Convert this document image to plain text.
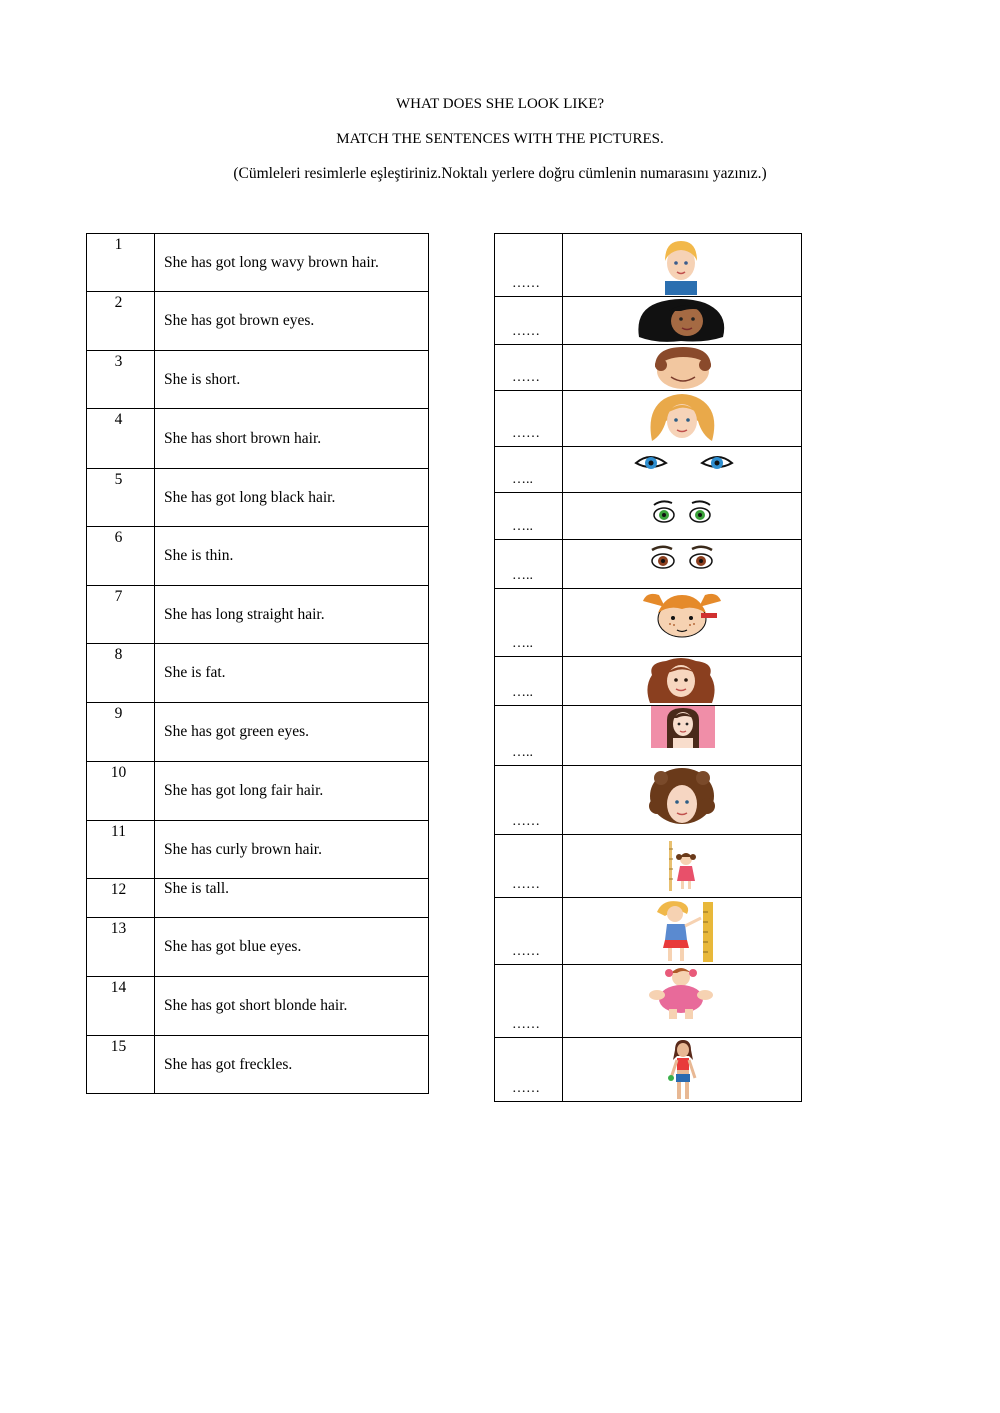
WHAT DOES SHE LOOK LIKE?
MATCH THE SENTENCES WITH THE PICTURES.
(Cümleleri resimlerle eşleştiriniz.Noktalı yerlere doğru cümlenin numarasını yazınız.)
1	She has got long wavy brown hair.
2	She has got brown eyes.
3	She is short.
4	She has short brown hair.
5	She has got long black hair.
6	She is thin.
7	She has long straight hair.
8	She is fat.
9	She has got green eyes.
10	She has got long fair hair.
11	She has curly brown hair.
12	She is tall.
13	She has got blue eyes.
14	She has got short blonde hair.
15	She has got freckles.
……	

……	

……	

……	

…..	

…..	

…..	

…..	

…..	

…..	

……	

……	

……	

……	

……	
